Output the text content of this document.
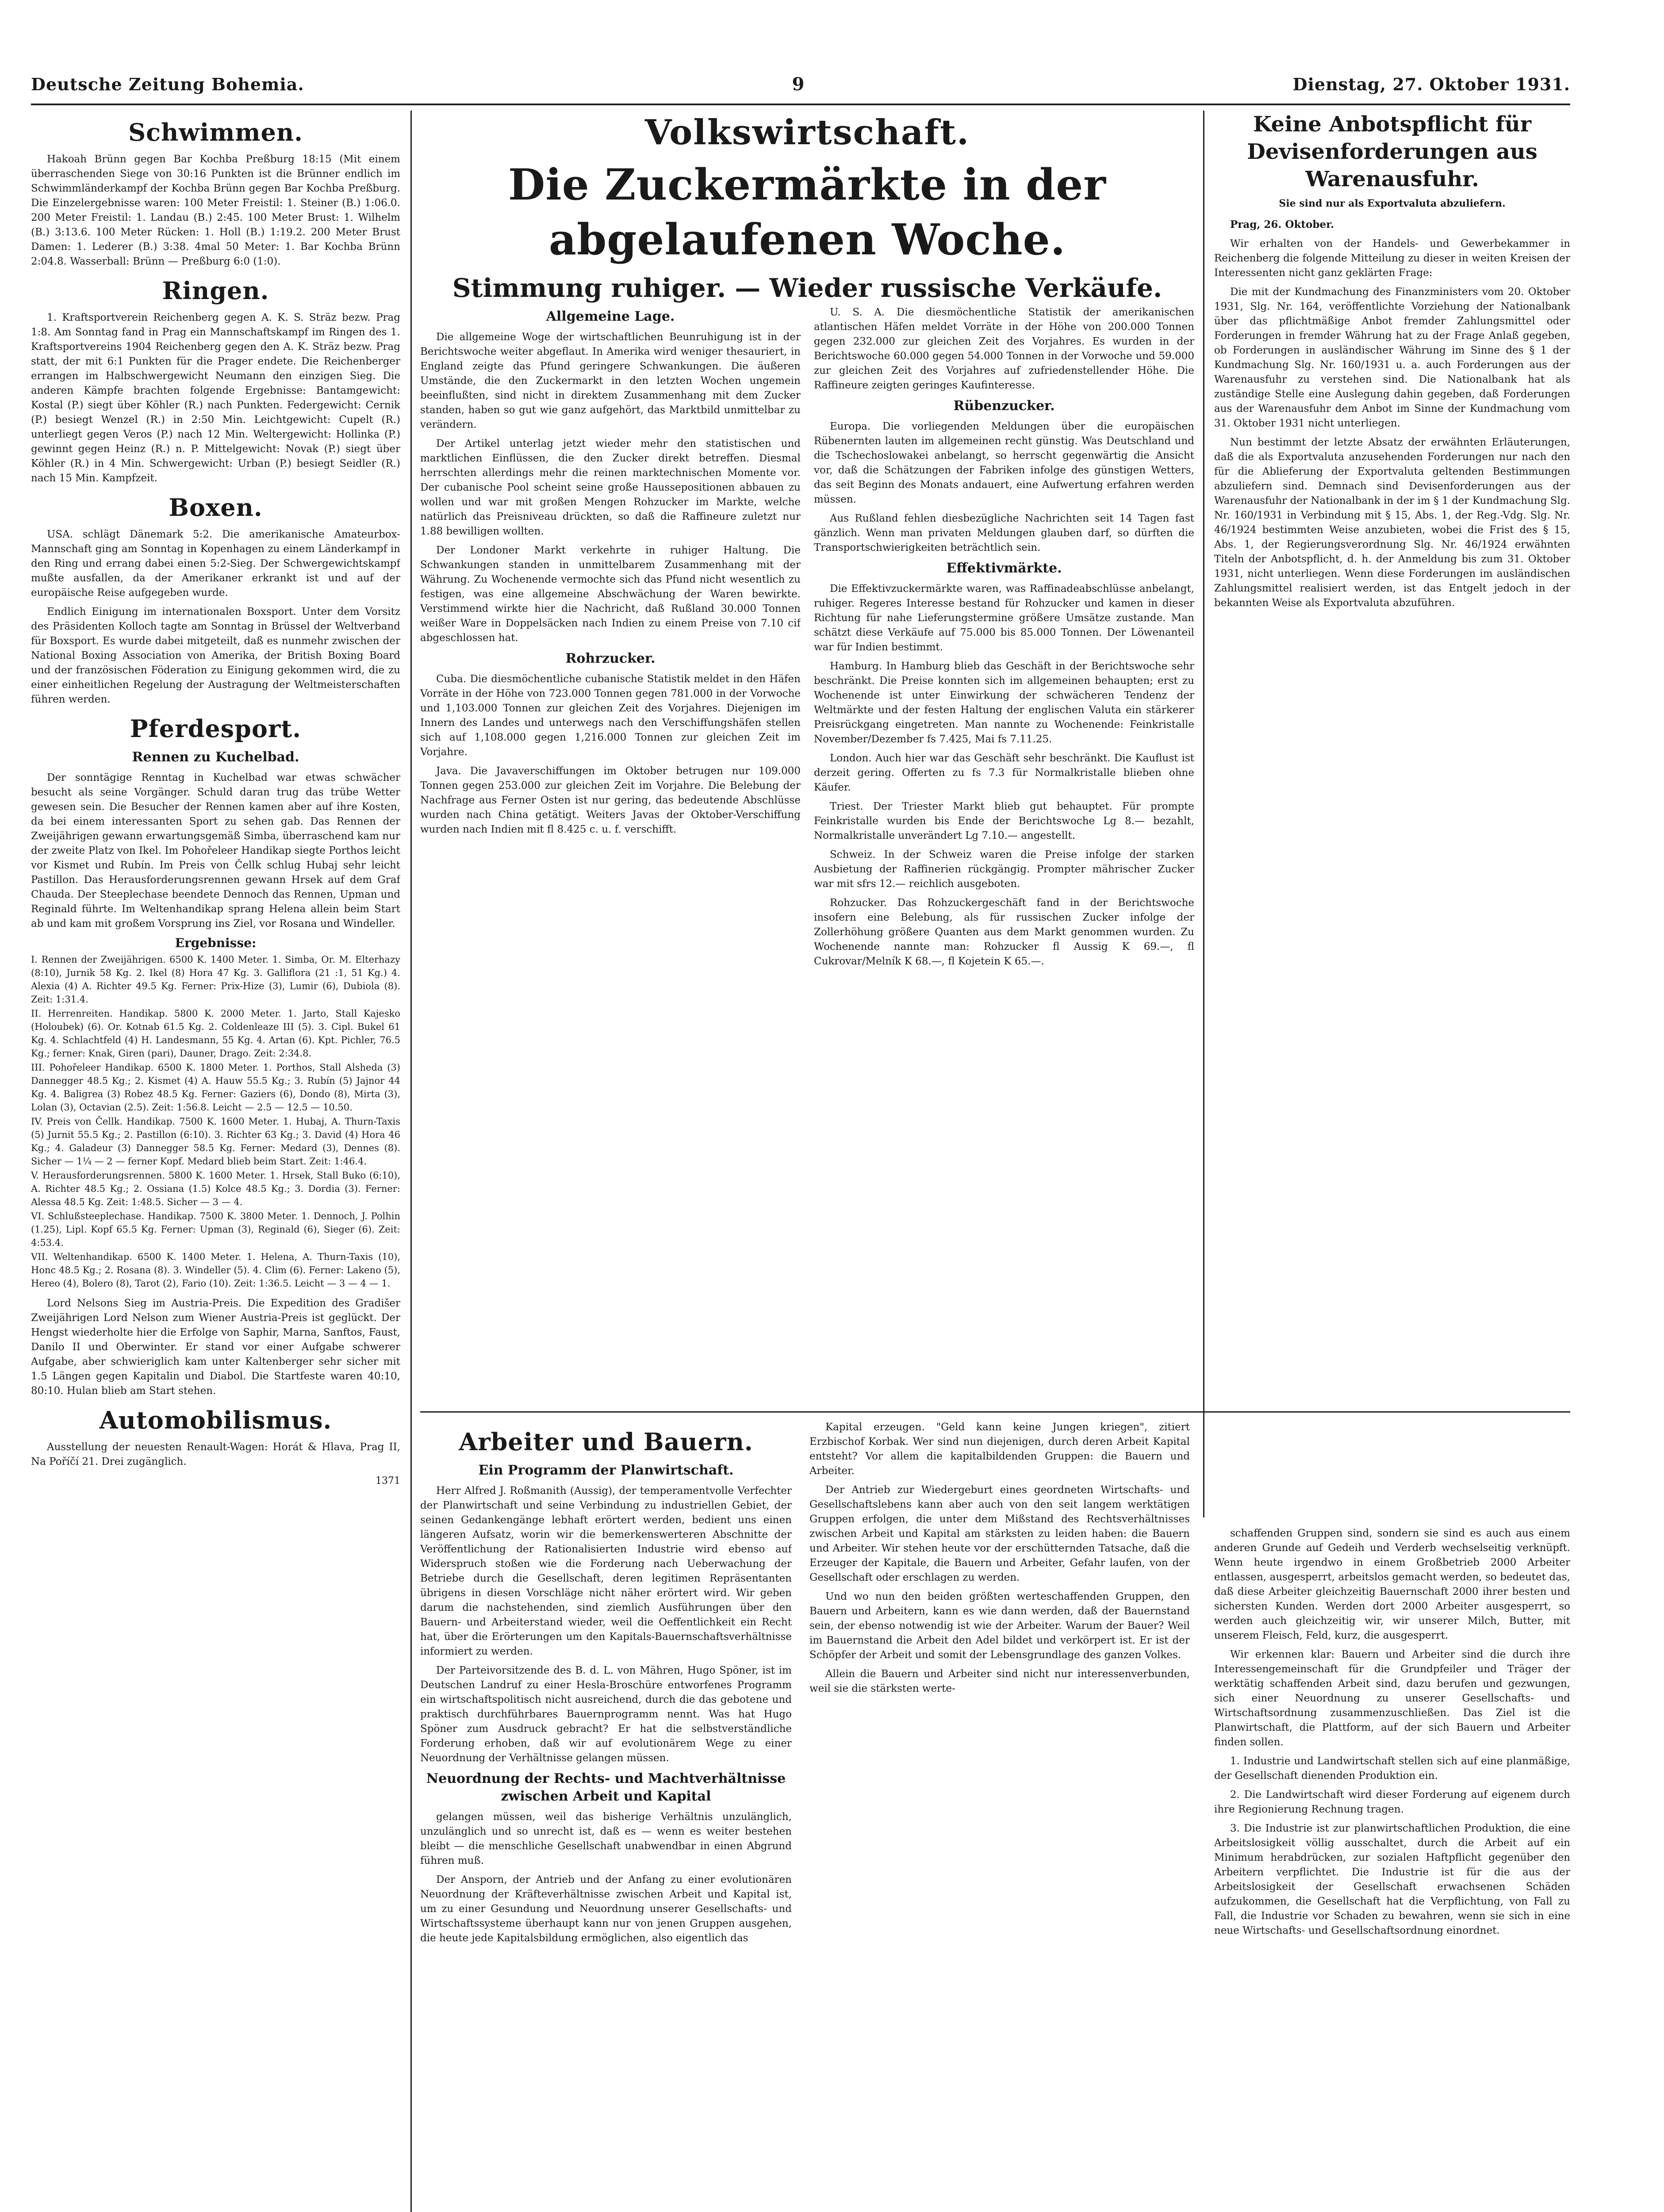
Deutsche Zeitung Bohemia.	9	Dienstag, 27. Oktober 1931.
Schwimmen.

Hakoah Brünn gegen Bar Kochba Preßburg 18:15 (Mit einem überraschenden Siege von 30:16 Punkten ist die Brünner endlich im Schwimmländerkampf der Kochba Brünn gegen Bar Kochba Preßburg. Die Einzelergebnisse waren: 100 Meter Freistil: 1. Steiner (B.) 1:06.0. 200 Meter Freistil: 1. Landau (B.) 2:45. 100 Meter Brust: 1. Wilhelm (B.) 3:13.6. 100 Meter Rücken: 1. Holl (B.) 1:19.2. 200 Meter Brust Damen: 1. Lederer (B.) 3:38. 4mal 50 Meter: 1. Bar Kochba Brünn 2:04.8. Wasserball: Brünn — Preßburg 6:0 (1:0).

Ringen.

1. Kraftsportverein Reichenberg gegen A. K. S. Sträz bezw. Prag 1:8. Am Sonntag fand in Prag ein Mannschaftskampf im Ringen des 1. Kraftsportvereins 1904 Reichenberg gegen den A. K. Sträz bezw. Prag statt, der mit 6:1 Punkten für die Prager endete. Die Reichenberger errangen im Halbschwergewicht Neumann den einzigen Sieg. Die anderen Kämpfe brachten folgende Ergebnisse: Bantamgewicht: Kostal (P.) siegt über Köhler (R.) nach Punkten. Federgewicht: Cernik (P.) besiegt Wenzel (R.) in 2:50 Min. Leichtgewicht: Cupelt (R.) unterliegt gegen Veros (P.) nach 12 Min. Weltergewicht: Hollinka (P.) gewinnt gegen Heinz (R.) n. P. Mittelgewicht: Novak (P.) siegt über Köhler (R.) in 4 Min. Schwergewicht: Urban (P.) besiegt Seidler (R.) nach 15 Min. Kampfzeit.

Boxen.

USA. schlägt Dänemark 5:2. Die amerikanische Amateurbox-Mannschaft ging am Sonntag in Kopenhagen zu einem Länderkampf in den Ring und errang dabei einen 5:2-Sieg. Der Schwergewichtskampf mußte ausfallen, da der Amerikaner erkrankt ist und auf der europäische Reise aufgegeben wurde.

Endlich Einigung im internationalen Boxsport. Unter dem Vorsitz des Präsidenten Kolloch tagte am Sonntag in Brüssel der Weltverband für Boxsport. Es wurde dabei mitgeteilt, daß es nunmehr zwischen der National Boxing Association von Amerika, der British Boxing Board und der französischen Föderation zu Einigung gekommen wird, die zu einer einheitlichen Regelung der Austragung der Weltmeisterschaften führen werden.

Pferdesport.
Rennen zu Kuchelbad.

Der sonntägige Renntag in Kuchelbad war etwas schwächer besucht als seine Vorgänger. Schuld daran trug das trübe Wetter gewesen sein. Die Besucher der Rennen kamen aber auf ihre Kosten, da bei einem interessanten Sport zu sehen gab. Das Rennen der Zweijährigen gewann erwartungsgemäß Simba, überraschend kam nur der zweite Platz von Ikel. Im Pohořeleer Handikap siegte Porthos leicht vor Kismet und Rubín. Im Preis von Čellk schlug Hubaj sehr leicht Pastillon. Das Herausforderungsrennen gewann Hrsek auf dem Graf Chauda. Der Steeplechase beendete Dennoch das Rennen, Upman und Reginald führte. Im Weltenhandikap sprang Helena allein beim Start ab und kam mit großem Vorsprung ins Ziel, vor Rosana und Windeller.

Ergebnisse:
I. Rennen der Zweijährigen. 6500 K. 1400 Meter. 1. Simba, Or. M. Elterhazy (8:10), Jurnik 58 Kg. 2. Ikel (8) Hora 47 Kg. 3. Galliflora (21 :1, 51 Kg.) 4. Alexia (4) A. Richter 49.5 Kg. Ferner: Prix-Hize (3), Lumir (6), Dubiola (8). Zeit: 1:31.4.
II. Herrenreiten. Handikap. 5800 K. 2000 Meter. 1. Jarto, Stall Kajesko (Holoubek) (6). Or. Kotnab 61.5 Kg. 2. Coldenleaze III (5). 3. Cipl. Bukel 61 Kg. 4. Schlachtfeld (4) H. Landesmann, 55 Kg. 4. Artan (6). Kpt. Pichler, 76.5 Kg.; ferner: Knak, Giren (pari), Dauner, Drago. Zeit: 2:34.8.
III. Pohořeleer Handikap. 6500 K. 1800 Meter. 1. Porthos, Stall Alsheda (3) Dannegger 48.5 Kg.; 2. Kismet (4) A. Hauw 55.5 Kg.; 3. Rubín (5) Jajnor 44 Kg. 4. Baligrea (3) Robez 48.5 Kg. Ferner: Gaziers (6), Dondo (8), Mirta (3), Lolan (3), Octavian (2.5). Zeit: 1:56.8. Leicht — 2.5 — 12.5 — 10.50.
IV. Preis von Čellk. Handikap. 7500 K. 1600 Meter. 1. Hubaj, A. Thurn-Taxis (5) Jurnit 55.5 Kg.; 2. Pastillon (6:10). 3. Richter 63 Kg.; 3. David (4) Hora 46 Kg.; 4. Galadeur (3) Dannegger 58.5 Kg. Ferner: Medard (3), Dennes (8). Sicher — 1¼ — 2 — ferner Kopf. Medard blieb beim Start. Zeit: 1:46.4.
V. Herausforderungsrennen. 5800 K. 1600 Meter. 1. Hrsek, Stall Buko (6:10), A. Richter 48.5 Kg.; 2. Ossiana (1.5) Kolce 48.5 Kg.; 3. Dordia (3). Ferner: Alessa 48.5 Kg. Zeit: 1:48.5. Sicher — 3 — 4.
VI. Schlußsteeplechase. Handikap. 7500 K. 3800 Meter. 1. Dennoch, J. Polhin (1.25), Lipl. Kopf 65.5 Kg. Ferner: Upman (3), Reginald (6), Sieger (6). Zeit: 4:53.4.
VII. Weltenhandikap. 6500 K. 1400 Meter. 1. Helena, A. Thurn-Taxis (10), Honc 48.5 Kg.; 2. Rosana (8). 3. Windeller (5). 4. Clim (6). Ferner: Lakeno (5), Hereo (4), Bolero (8), Tarot (2), Fario (10). Zeit: 1:36.5. Leicht — 3 — 4 — 1.

Lord Nelsons Sieg im Austria-Preis. Die Expedition des Gradišer Zweijährigen Lord Nelson zum Wiener Austria-Preis ist geglückt. Der Hengst wiederholte hier die Erfolge von Saphir, Marna, Sanftos, Faust, Danilo II und Oberwinter. Er stand vor einer Aufgabe schwerer Aufgabe, aber schwieriglich kam unter Kaltenberger sehr sicher mit 1.5 Längen gegen Kapitalin und Diabol. Die Startfeste waren 40:10, 80:10. Hulan blieb am Start stehen.

Automobilismus.

Ausstellung der neuesten Renault-Wagen: Horát & Hlava, Prag II, Na Poříčí 21. Drei zugänglich.

1371
Volkswirtschaft.
Die Zuckermärkte in der abgelaufenen Woche.
Stimmung ruhiger. — Wieder russische Verkäufe.
Allgemeine Lage.

Die allgemeine Woge der wirtschaftlichen Beunruhigung ist in der Berichtswoche weiter abgeflaut. In Amerika wird weniger thesauriert, in England zeigte das Pfund geringere Schwankungen. Die äußeren Umstände, die den Zuckermarkt in den letzten Wochen ungemein beeinflußten, sind nicht in direktem Zusammenhang mit dem Zucker standen, haben so gut wie ganz aufgehört, das Marktbild unmittelbar zu verändern.

Der Artikel unterlag jetzt wieder mehr den statistischen und marktlichen Einflüssen, die den Zucker direkt betreffen. Diesmal herrschten allerdings mehr die reinen marktechnischen Momente vor. Der cubanische Pool scheint seine große Haussepositionen abbauen zu wollen und war mit großen Mengen Rohzucker im Markte, welche natürlich das Preisniveau drückten, so daß die Raffineure zuletzt nur 1.88 bewilligen wollten.

Der Londoner Markt verkehrte in ruhiger Haltung. Die Schwankungen standen in unmittelbarem Zusammenhang mit der Währung. Zu Wochenende vermochte sich das Pfund nicht wesentlich zu festigen, was eine allgemeine Abschwächung der Waren bewirkte. Verstimmend wirkte hier die Nachricht, daß Rußland 30.000 Tonnen weißer Ware in Doppelsäcken nach Indien zu einem Preise von 7.10 cif abgeschlossen hat.

Rohrzucker.

Cuba. Die diesmöchentliche cubanische Statistik meldet in den Häfen Vorräte in der Höhe von 723.000 Tonnen gegen 781.000 in der Vorwoche und 1,103.000 Tonnen zur gleichen Zeit des Vorjahres. Diejenigen im Innern des Landes und unterwegs nach den Verschiffungshäfen stellen sich auf 1,108.000 gegen 1,216.000 Tonnen zur gleichen Zeit im Vorjahre.

Java. Die Javaverschiffungen im Oktober betrugen nur 109.000 Tonnen gegen 253.000 zur gleichen Zeit im Vorjahre. Die Belebung der Nachfrage aus Ferner Osten ist nur gering, das bedeutende Abschlüsse wurden nach China getätigt. Weiters Javas der Oktober-Verschiffung wurden nach Indien mit fl 8.425 c. u. f. verschifft.

U. S. A. Die diesmöchentliche Statistik der amerikanischen atlantischen Häfen meldet Vorräte in der Höhe von 200.000 Tonnen gegen 232.000 zur gleichen Zeit des Vorjahres. Es wurden in der Berichtswoche 60.000 gegen 54.000 Tonnen in der Vorwoche und 59.000 zur gleichen Zeit des Vorjahres auf zufriedenstellender Höhe. Die Raffineure zeigten geringes Kaufinteresse.

Rübenzucker.

Europa. Die vorliegenden Meldungen über die europäischen Rübenernten lauten im allgemeinen recht günstig. Was Deutschland und die Tschechoslowakei anbelangt, so herrscht gegenwärtig die Ansicht vor, daß die Schätzungen der Fabriken infolge des günstigen Wetters, das seit Beginn des Monats andauert, eine Aufwertung erfahren werden müssen.

Aus Rußland fehlen diesbezügliche Nachrichten seit 14 Tagen fast gänzlich. Wenn man privaten Meldungen glauben darf, so dürften die Transportschwierigkeiten beträchtlich sein.

Effektivmärkte.

Die Effektivzuckermärkte waren, was Raffinadeabschlüsse anbelangt, ruhiger. Regeres Interesse bestand für Rohzucker und kamen in dieser Richtung für nahe Lieferungstermine größere Umsätze zustande. Man schätzt diese Verkäufe auf 75.000 bis 85.000 Tonnen. Der Löwenanteil war für Indien bestimmt.

Hamburg. In Hamburg blieb das Geschäft in der Berichtswoche sehr beschränkt. Die Preise konnten sich im allgemeinen behaupten; erst zu Wochenende ist unter Einwirkung der schwächeren Tendenz der Weltmärkte und der festen Haltung der englischen Valuta ein stärkerer Preisrückgang eingetreten. Man nannte zu Wochenende: Feinkristalle November/Dezember fs 7.425, Mai fs 7.11.25.

London. Auch hier war das Geschäft sehr beschränkt. Die Kauflust ist derzeit gering. Offerten zu fs 7.3 für Normalkristalle blieben ohne Käufer.

Triest. Der Triester Markt blieb gut behauptet. Für prompte Feinkristalle wurden bis Ende der Berichtswoche Lg 8.— bezahlt, Normalkristalle unverändert Lg 7.10.— angestellt.

Schweiz. In der Schweiz waren die Preise infolge der starken Ausbietung der Raffinerien rückgängig. Prompter mährischer Zucker war mit sfrs 12.— reichlich ausgeboten.

Rohzucker. Das Rohzuckergeschäft fand in der Berichtswoche insofern eine Belebung, als für russischen Zucker infolge der Zollerhöhung größere Quanten aus dem Markt genommen wurden. Zu Wochenende nannte man: Rohzucker fl Aussig K 69.—, fl Cukrovar/Melník K 68.—, fl Kojetein K 65.—.

Keine Anbotspflicht für Devisenforderungen aus Warenausfuhr.
Sie sind nur als Exportvaluta abzuliefern.

Prag, 26. Oktober.

Wir erhalten von der Handels- und Gewerbekammer in Reichenberg die folgende Mitteilung zu dieser in weiten Kreisen der Interessenten nicht ganz geklärten Frage:

Die mit der Kundmachung des Finanzministers vom 20. Oktober 1931, Slg. Nr. 164, veröffentlichte Vorziehung der Nationalbank über das pflichtmäßige Anbot fremder Zahlungsmittel oder Forderungen in fremder Währung hat zu der Frage Anlaß gegeben, ob Forderungen in ausländischer Währung im Sinne des § 1 der Kundmachung Slg. Nr. 160/1931 u. a. auch Forderungen aus der Warenausfuhr zu verstehen sind. Die Nationalbank hat als zuständige Stelle eine Auslegung dahin gegeben, daß Forderungen aus der Warenausfuhr dem Anbot im Sinne der Kundmachung vom 31. Oktober 1931 nicht unterliegen.

Nun bestimmt der letzte Absatz der erwähnten Erläuterungen, daß die als Exportvaluta anzusehenden Forderungen nur nach den für die Ablieferung der Exportvaluta geltenden Bestimmungen abzuliefern sind. Demnach sind Devisenforderungen aus der Warenausfuhr der Nationalbank in der im § 1 der Kundmachung Slg. Nr. 160/1931 in Verbindung mit § 15, Abs. 1, der Reg.-Vdg. Slg. Nr. 46/1924 bestimmten Weise anzubieten, wobei die Frist des § 15, Abs. 1, der Regierungsverordnung Slg. Nr. 46/1924 erwähnten Titeln der Anbotspflicht, d. h. der Anmeldung bis zum 31. Oktober 1931, nicht unterliegen. Wenn diese Forderungen im ausländischen Zahlungsmittel realisiert werden, ist das Entgelt jedoch in der bekannten Weise als Exportvaluta abzuführen.

Arbeiter und Bauern.
Ein Programm der Planwirtschaft.

Herr Alfred J. Roßmanith (Aussig), der temperamentvolle Verfechter der Planwirtschaft und seine Verbindung zu industriellen Gebiet, der seinen Gedankengänge lebhaft erörtert werden, bedient uns einen längeren Aufsatz, worin wir die bemerkenswerteren Abschnitte der Veröffentlichung der Rationalisierten Industrie wird ebenso auf Widerspruch stoßen wie die Forderung nach Ueberwachung der Betriebe durch die Gesellschaft, deren legitimen Repräsentanten übrigens in diesen Vorschläge nicht näher erörtert wird. Wir geben darum die nachstehenden, sind ziemlich Ausführungen über den Bauern- und Arbeiterstand wieder, weil die Oeffentlichkeit ein Recht hat, über die Erörterungen um den Kapitals-Bauernschaftsverhältnisse informiert zu werden.

Der Parteivorsitzende des B. d. L. von Mähren, Hugo Spöner, ist im Deutschen Landruf zu einer Hesla-Broschüre entworfenes Programm ein wirtschaftspolitisch nicht ausreichend, durch die das gebotene und praktisch durchführbares Bauernprogramm nennt. Was hat Hugo Spöner zum Ausdruck gebracht? Er hat die selbstverständliche Forderung erhoben, daß wir auf evolutionärem Wege zu einer Neuordnung der Verhältnisse gelangen müssen.

Neuordnung der Rechts- und Machtverhältnisse zwischen Arbeit und Kapital

gelangen müssen, weil das bisherige Verhältnis unzulänglich, unzulänglich und so unrecht ist, daß es — wenn es weiter bestehen bleibt — die menschliche Gesellschaft unabwendbar in einen Abgrund führen muß.

Der Ansporn, der Antrieb und der Anfang zu einer evolutionären Neuordnung der Kräfteverhältnisse zwischen Arbeit und Kapital ist, um zu einer Gesundung und Neuordnung unserer Gesellschafts- und Wirtschaftssysteme überhaupt kann nur von jenen Gruppen ausgehen, die heute jede Kapitalsbildung ermöglichen, also eigentlich das

Kapital erzeugen. "Geld kann keine Jungen kriegen", zitiert Erzbischof Korbak. Wer sind nun diejenigen, durch deren Arbeit Kapital entsteht? Vor allem die kapitalbildenden Gruppen: die Bauern und Arbeiter.

Der Antrieb zur Wiedergeburt eines geordneten Wirtschafts- und Gesellschaftslebens kann aber auch von den seit langem werktätigen Gruppen erfolgen, die unter dem Mißstand des Rechtsverhältnisses zwischen Arbeit und Kapital am stärksten zu leiden haben: die Bauern und Arbeiter. Wir stehen heute vor der erschütternden Tatsache, daß die Erzeuger der Kapitale, die Bauern und Arbeiter, Gefahr laufen, von der Gesellschaft oder erschlagen zu werden.

Und wo nun den beiden größten werteschaffenden Gruppen, den Bauern und Arbeitern, kann es wie dann werden, daß der Bauernstand sein, der ebenso notwendig ist wie der Arbeiter. Warum der Bauer? Weil im Bauernstand die Arbeit den Adel bildet und verkörpert ist. Er ist der Schöpfer der Arbeit und somit der Lebensgrundlage des ganzen Volkes.

Allein die Bauern und Arbeiter sind nicht nur interessenverbunden, weil sie die stärksten werte-

schaffenden Gruppen sind, sondern sie sind es auch aus einem anderen Grunde auf Gedeih und Verderb wechselseitig verknüpft. Wenn heute irgendwo in einem Großbetrieb 2000 Arbeiter entlassen, ausgesperrt, arbeitslos gemacht werden, so bedeutet das, daß diese Arbeiter gleichzeitig Bauernschaft 2000 ihrer besten und sichersten Kunden. Werden dort 2000 Arbeiter ausgesperrt, so werden auch gleichzeitig wir, wir unserer Milch, Butter, mit unserem Fleisch, Feld, kurz, die ausgesperrt.

Wir erkennen klar: Bauern und Arbeiter sind die durch ihre Interessengemeinschaft für die Grundpfeiler und Träger der werktätig schaffenden Arbeit sind, dazu berufen und gezwungen, sich einer Neuordnung zu unserer Gesellschafts- und Wirtschaftsordnung zusammenzuschließen. Das Ziel ist die Planwirtschaft, die Plattform, auf der sich Bauern und Arbeiter finden sollen.

1. Industrie und Landwirtschaft stellen sich auf eine planmäßige, der Gesellschaft dienenden Produktion ein.

2. Die Landwirtschaft wird dieser Forderung auf eigenem durch ihre Regionierung Rechnung tragen.

3. Die Industrie ist zur planwirtschaftlichen Produktion, die eine Arbeitslosigkeit völlig ausschaltet, durch die Arbeit auf ein Minimum herabdrücken, zur sozialen Haftpflicht gegenüber den Arbeitern verpflichtet. Die Industrie ist für die aus der Arbeitslosigkeit der Gesellschaft erwachsenen Schäden aufzukommen, die Gesellschaft hat die Verpflichtung, von Fall zu Fall, die Industrie vor Schaden zu bewahren, wenn sie sich in eine neue Wirtschafts- und Gesellschaftsordnung einordnet.
